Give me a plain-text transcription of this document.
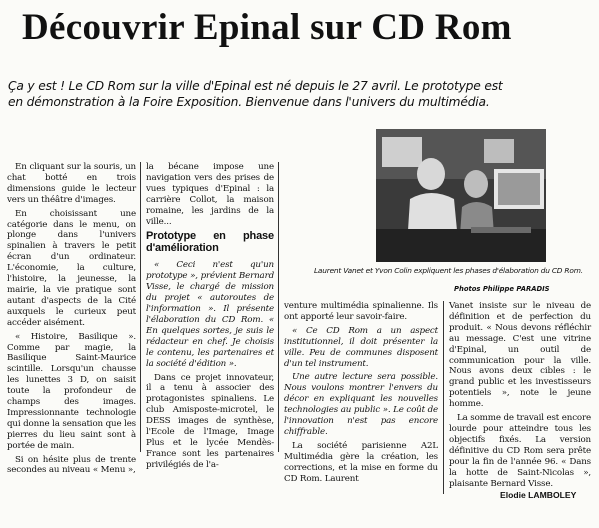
Découvrir Epinal sur CD Rom
Ça y est ! Le CD Rom sur la ville d'Epinal est né depuis le 27 avril. Le prototype est
en démonstration à la Foire Exposition. Bienvenue dans l'univers du multimédia.

En cliquant sur la souris, un chat botté en trois dimensions guide le lecteur vers un théâtre d'images.

En choisissant une catégorie dans le menu, on plonge dans l'univers spinalien à travers le petit écran d'un ordinateur. L'économie, la culture, l'histoire, la jeunesse, la mairie, la vie pratique sont autant d'aspects de la Cité auxquels le curieux peut accéder aisément.

« Histoire, Basilique ». Comme par magie, la Basilique Saint-Maurice scintille. Lorsqu'un chausse les lunettes 3 D, on saisit toute la profondeur de champs des images. Impressionnante technologie qui donne la sensation que les pierres du lieu saint sont à portée de main.

Si on hésite plus de trente secondes au niveau « Menu »,

la bécane impose une navigation vers des prises de vues typiques d'Epinal : la carrière Collot, la maison romaine, les jardins de la ville...

Prototype en phase d'amélioration

« Ceci n'est qu'un prototype », prévient Bernard Visse, le chargé de mission du projet « autoroutes de l'information ». Il présente l'élaboration du CD Rom. « En quelques sortes, je suis le rédacteur en chef. Je choisis le contenu, les partenaires et la société d'édition ».

Dans ce projet innovateur, il a tenu à associer des protagonistes spinaliens. Le club Amisposte-microtel, le DESS images de synthèse, l'Ecole de l'Image, Image Plus et le lycée Mendès-France sont les partenaires privilégiés de l'a-

Laurent Vanet et Yvon Colin expliquent les phases d'élaboration du CD Rom.
Photos Philippe PARADIS

venture multimédia spinalienne. Ils ont apporté leur savoir-faire.

« Ce CD Rom a un aspect institutionnel, il doit présenter la ville. Peu de communes disposent d'un tel instrument.

Une autre lecture sera possible. Nous voulons montrer l'envers du décor en expliquant les nouvelles technologies au public ». Le coût de l'innovation n'est pas encore chiffrable.

La société parisienne A2L Multimédia gère la création, les corrections, et la mise en forme du CD Rom. Laurent

Vanet insiste sur le niveau de définition et de perfection du produit. « Nous devons réfléchir au message. C'est une vitrine d'Epinal, un outil de communication pour la ville. Nous avons deux cibles : le grand public et les investisseurs potentiels », note le jeune homme.

La somme de travail est encore lourde pour atteindre tous les objectifs fixés. La version définitive du CD Rom sera prête pour la fin de l'année 96. « Dans la hotte de Saint-Nicolas », plaisante Bernard Visse.

Elodie LAMBOLEY
